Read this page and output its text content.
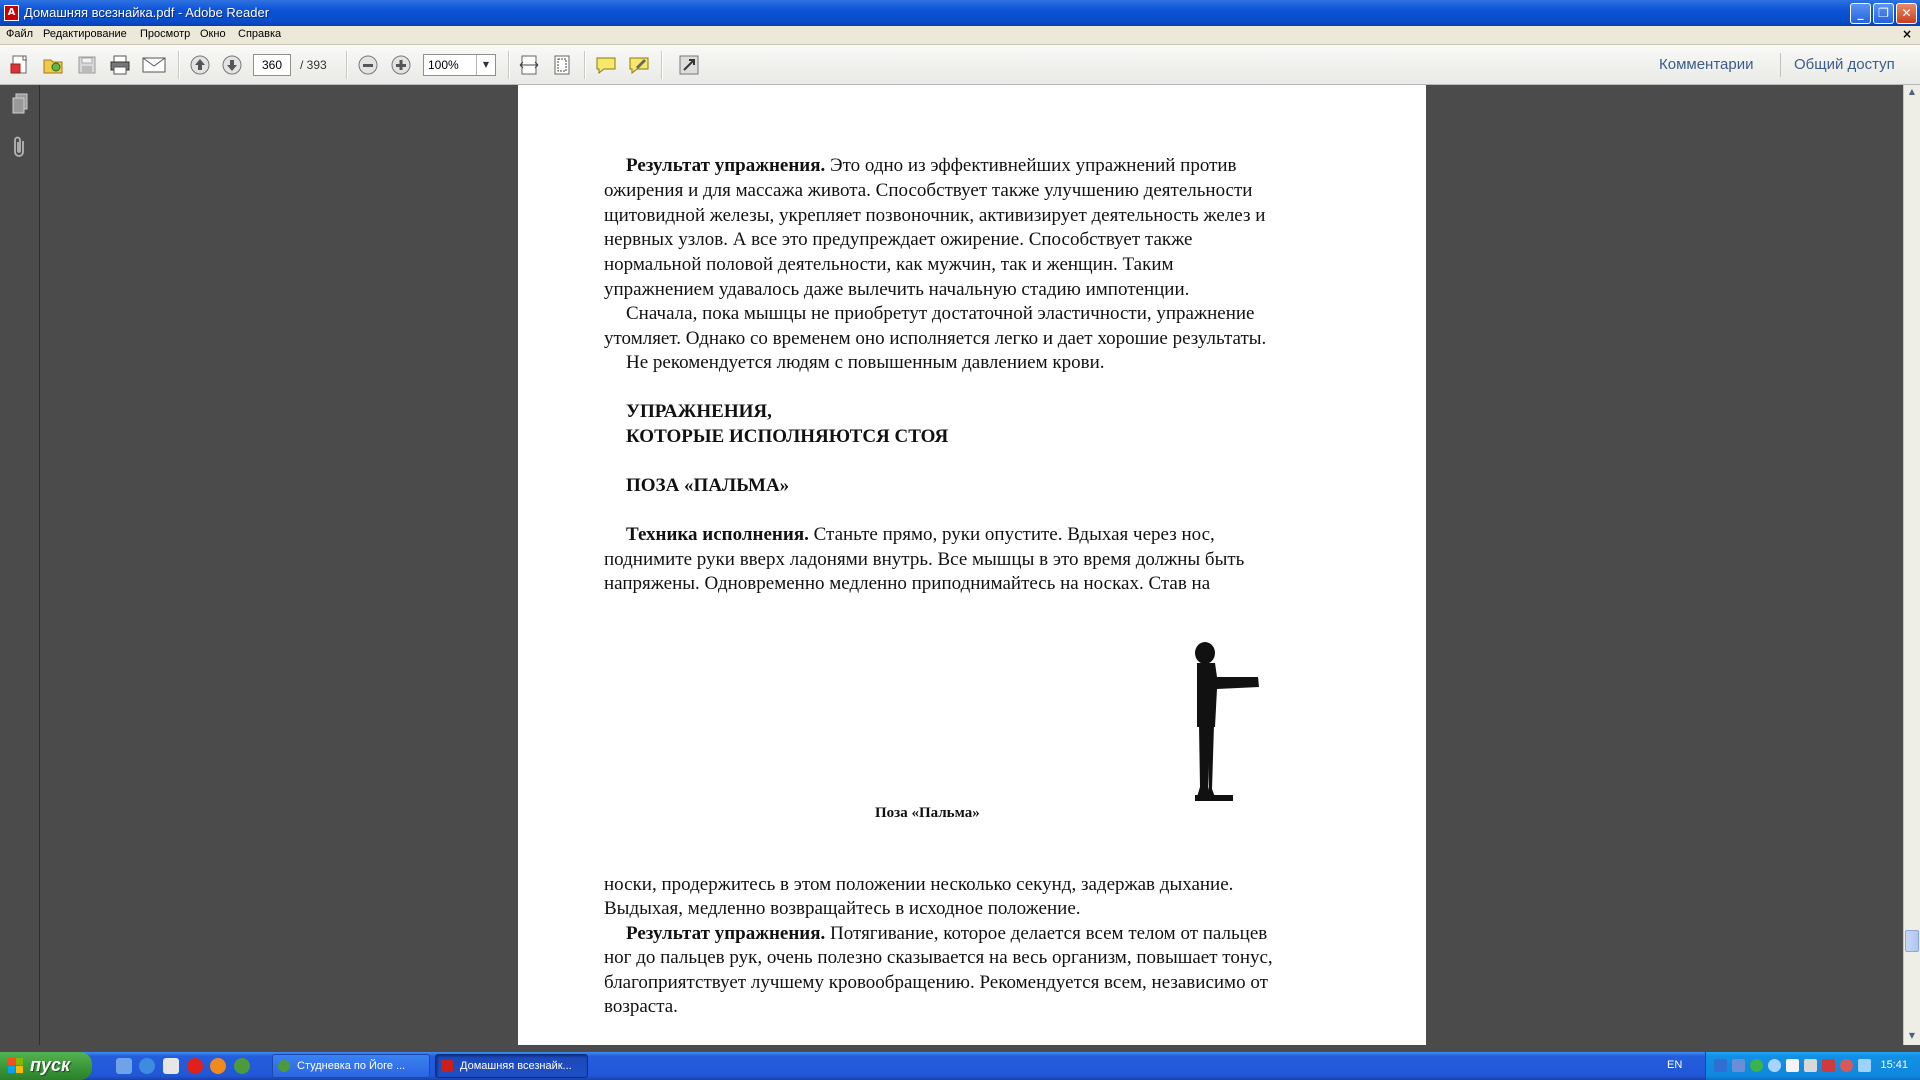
A Домашняя всезнайка.pdf - Adobe Reader	_	❐	✕
Файл Редактирование Просмотр Окно Справка	×
360	/ 393	100%	▼	Комментарии	Общий доступ
Результат упражнения. Это одно из эффективнейших упражнений против
ожирения и для массажа живота. Способствует также улучшению деятельности
щитовидной железы, укрепляет позвоночник, активизирует деятельность желез и
нервных узлов. А все это предупреждает ожирение. Способствует также
нормальной половой деятельности, как мужчин, так и женщин. Таким
упражнением удавалось даже вылечить начальную стадию импотенции.
Сначала, пока мышцы не приобретут достаточной эластичности, упражнение
утомляет. Однако со временем оно исполняется легко и дает хорошие результаты.
Не рекомендуется людям с повышенным давлением крови.
УПРАЖНЕНИЯ,
КОТОРЫЕ ИСПОЛНЯЮТСЯ СТОЯ
ПОЗА «ПАЛЬМА»
Техника исполнения. Станьте прямо, руки опустите. Вдыхая через нос,
поднимите руки вверх ладонями внутрь. Все мышцы в это время должны быть
напряжены. Одновременно медленно приподнимайтесь на носках. Став на
Поза «Пальма»
носки, продержитесь в этом положении несколько секунд, задержав дыхание.
Выдыхая, медленно возвращайтесь в исходное положение.
Результат упражнения. Потягивание, которое делается всем телом от пальцев
ног до пальцев рук, очень полезно сказывается на весь организм, повышает тонус,
благоприятствует лучшему кровообращению. Рекомендуется всем, независимо от
возраста.
▲
▼
пуск	Студневка по Йоге ...	Домашняя всезнайк...	EN	15:41
